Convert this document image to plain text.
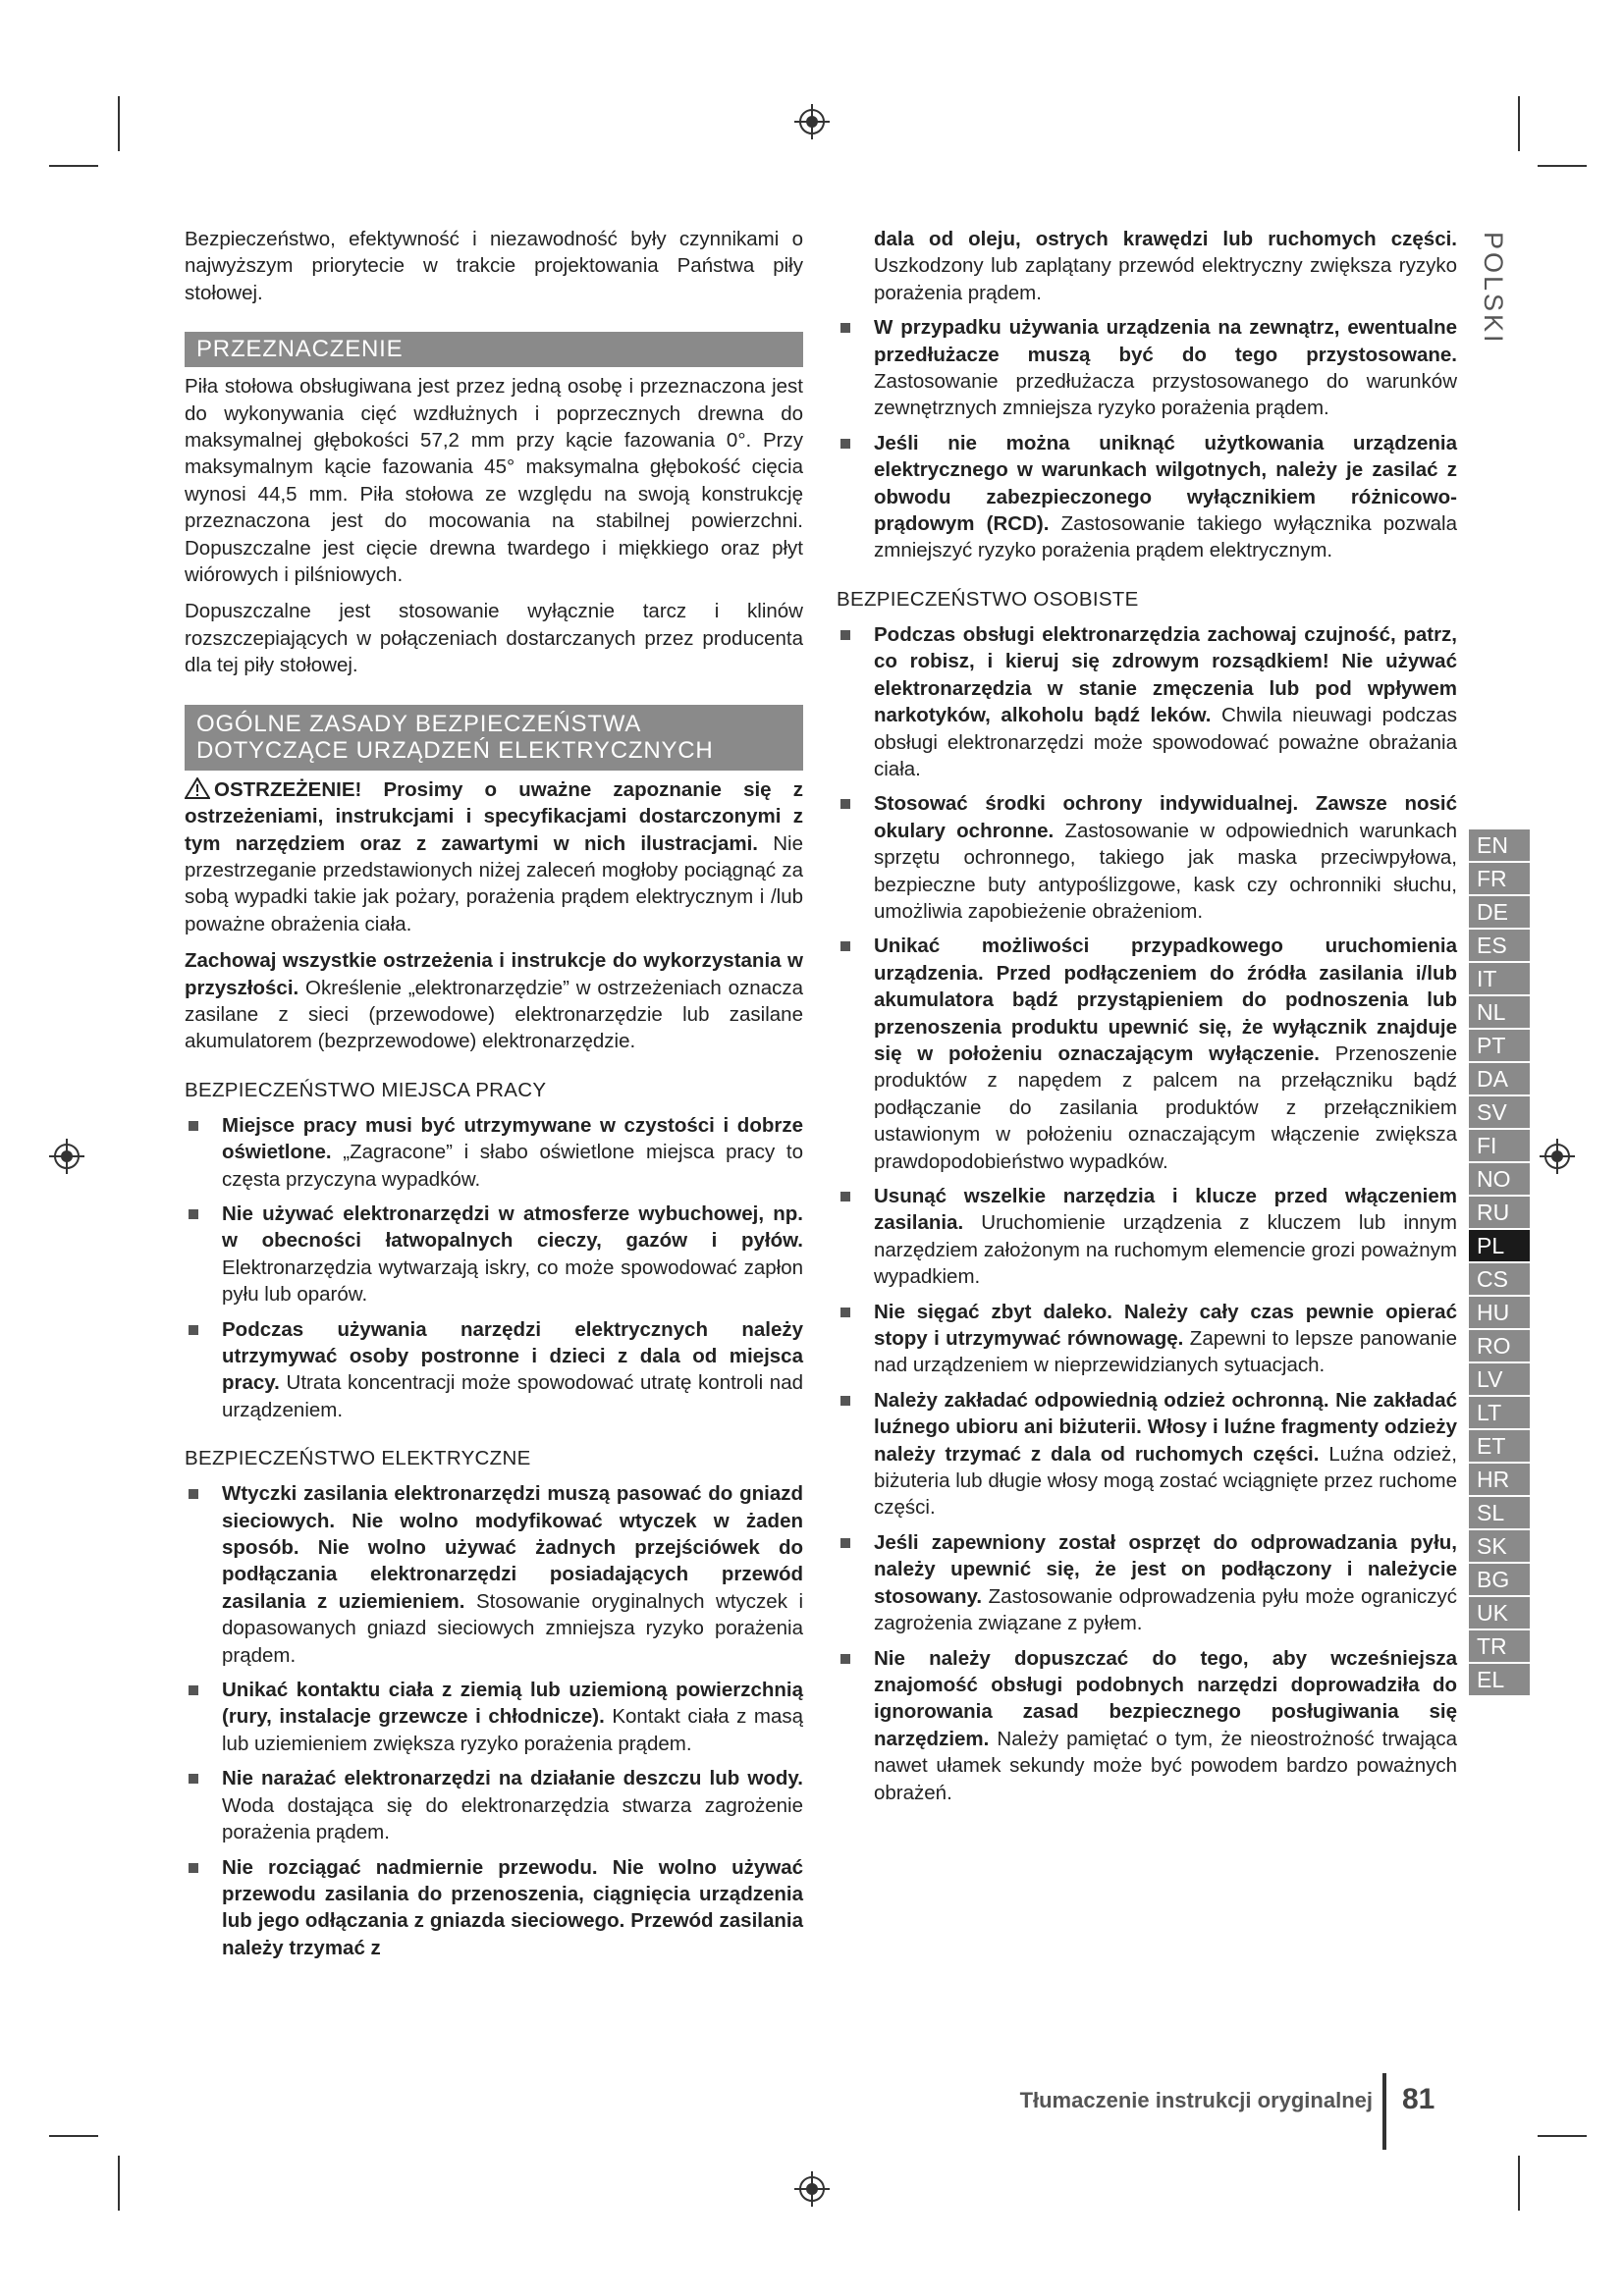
Bezpieczeństwo, efektywność i niezawodność były czynnikami o najwyższym priorytecie w trakcie projektowania Państwa piły stołowej.

PRZEZNACZENIE

Piła stołowa obsługiwana jest przez jedną osobę i przeznaczona jest do wykonywania cięć wzdłużnych i poprzecznych drewna do maksymalnej głębokości 57,2 mm przy kącie fazowania 0°. Przy maksymalnym kącie fazowania 45° maksymalna głębokość cięcia wynosi 44,5 mm. Piła stołowa ze względu na swoją konstrukcję przeznaczona jest do mocowania na stabilnej powierzchni. Dopuszczalne jest cięcie drewna twardego i miękkiego oraz płyt wiórowych i pilśniowych.

Dopuszczalne jest stosowanie wyłącznie tarcz i klinów rozszczepiających w połączeniach dostarczanych przez producenta dla tej piły stołowej.

OGÓLNE ZASADY BEZPIECZEŃSTWA
DOTYCZĄCE URZĄDZEŃ ELEKTRYCZNYCH

OSTRZEŻENIE! Prosimy o uważne zapoznanie się z ostrzeżeniami, instrukcjami i specyfikacjami dostarczonymi z tym narzędziem oraz z zawartymi w nich ilustracjami. Nie przestrzeganie przedstawionych niżej zaleceń mogłoby pociągnąć za sobą wypadki takie jak pożary, porażenia prądem elektrycznym i /lub poważne obrażenia ciała.

Zachowaj wszystkie ostrzeżenia i instrukcje do wykorzystania w przyszłości. Określenie „elektronarzędzie” w ostrzeżeniach oznacza zasilane z sieci (przewodowe) elektronarzędzie lub zasilane akumulatorem (bezprzewodowe) elektronarzędzie.

BEZPIECZEŃSTWO MIEJSCA PRACY
Miejsce pracy musi być utrzymywane w czystości i dobrze oświetlone. „Zagracone” i słabo oświetlone miejsca pracy to częsta przyczyna wypadków.
Nie używać elektronarzędzi w atmosferze wybuchowej, np. w obecności łatwopalnych cieczy, gazów i pyłów. Elektronarzędzia wytwarzają iskry, co może spowodować zapłon pyłu lub oparów.
Podczas używania narzędzi elektrycznych należy utrzymywać osoby postronne i dzieci z dala od miejsca pracy. Utrata koncentracji może spowodować utratę kontroli nad urządzeniem.
BEZPIECZEŃSTWO ELEKTRYCZNE
Wtyczki zasilania elektronarzędzi muszą pasować do gniazd sieciowych. Nie wolno modyfikować wtyczek w żaden sposób. Nie wolno używać żadnych przejściówek do podłączania elektronarzędzi posiadających przewód zasilania z uziemieniem. Stosowanie oryginalnych wtyczek i dopasowanych gniazd sieciowych zmniejsza ryzyko porażenia prądem.
Unikać kontaktu ciała z ziemią lub uziemioną powierzchnią (rury, instalacje grzewcze i chłodnicze). Kontakt ciała z masą lub uziemieniem zwiększa ryzyko porażenia prądem.
Nie narażać elektronarzędzi na działanie deszczu lub wody. Woda dostająca się do elektronarzędzia stwarza zagrożenie porażenia prądem.
Nie rozciągać nadmiernie przewodu. Nie wolno używać przewodu zasilania do przenoszenia, ciągnięcia urządzenia lub jego odłączania z gniazda sieciowego. Przewód zasilania należy trzymać z
dala od oleju, ostrych krawędzi lub ruchomych części. Uszkodzony lub zaplątany przewód elektryczny zwiększa ryzyko porażenia prądem.
W przypadku używania urządzenia na zewnątrz, ewentualne przedłużacze muszą być do tego przystosowane. Zastosowanie przedłużacza przystosowanego do warunków zewnętrznych zmniejsza ryzyko porażenia prądem.
Jeśli nie można uniknąć użytkowania urządzenia elektrycznego w warunkach wilgotnych, należy je zasilać z obwodu zabezpieczonego wyłącznikiem różnicowo-prądowym (RCD). Zastosowanie takiego wyłącznika pozwala zmniejszyć ryzyko porażenia prądem elektrycznym.
BEZPIECZEŃSTWO OSOBISTE
Podczas obsługi elektronarzędzia zachowaj czujność, patrz, co robisz, i kieruj się zdrowym rozsądkiem! Nie używać elektronarzędzia w stanie zmęczenia lub pod wpływem narkotyków, alkoholu bądź leków. Chwila nieuwagi podczas obsługi elektronarzędzi może spowodować poważne obrażania ciała.
Stosować środki ochrony indywidualnej. Zawsze nosić okulary ochronne. Zastosowanie w odpowiednich warunkach sprzętu ochronnego, takiego jak maska przeciwpyłowa, bezpieczne buty antypoślizgowe, kask czy ochronniki słuchu, umożliwia zapobieżenie obrażeniom.
Unikać możliwości przypadkowego uruchomienia urządzenia. Przed podłączeniem do źródła zasilania i/lub akumulatora bądź przystąpieniem do podnoszenia lub przenoszenia produktu upewnić się, że wyłącznik znajduje się w położeniu oznaczającym wyłączenie. Przenoszenie produktów z napędem z palcem na przełączniku bądź podłączanie do zasilania produktów z przełącznikiem ustawionym w położeniu oznaczającym włączenie zwiększa prawdopodobieństwo wypadków.
Usunąć wszelkie narzędzia i klucze przed włączeniem zasilania. Uruchomienie urządzenia z kluczem lub innym narzędziem założonym na ruchomym elemencie grozi poważnym wypadkiem.
Nie sięgać zbyt daleko. Należy cały czas pewnie opierać stopy i utrzymywać równowagę. Zapewni to lepsze panowanie nad urządzeniem w nieprzewidzianych sytuacjach.
Należy zakładać odpowiednią odzież ochronną. Nie zakładać luźnego ubioru ani biżuterii. Włosy i luźne fragmenty odzieży należy trzymać z dala od ruchomych części. Luźna odzież, biżuteria lub długie włosy mogą zostać wciągnięte przez ruchome części.
Jeśli zapewniony został osprzęt do odprowadzania pyłu, należy upewnić się, że jest on podłączony i należycie stosowany. Zastosowanie odprowadzenia pyłu może ograniczyć zagrożenia związane z pyłem.
Nie należy dopuszczać do tego, aby wcześniejsza znajomość obsługi podobnych narzędzi doprowadziła do ignorowania zasad bezpiecznego posługiwania się narzędziem. Należy pamiętać o tym, że nieostrożność trwająca nawet ułamek sekundy może być powodem bardzo poważnych obrażeń.
POLSKI
EN
FR
DE
ES
IT
NL
PT
DA
SV
FI
NO
RU
PL
CS
HU
RO
LV
LT
ET
HR
SL
SK
BG
UK
TR
EL
Tłumaczenie instrukcji oryginalnej 81
